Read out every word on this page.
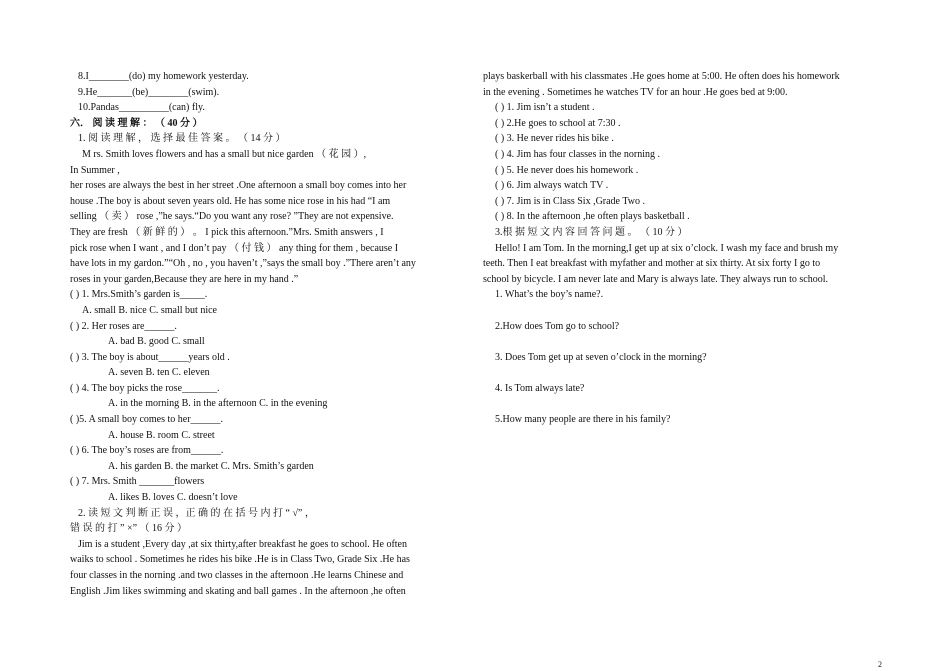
8.I________(do) my homework yesterday.
9.He_______(be)________(swim).
10.Pandas__________(can) fly.
六． 阅 读 理 解 ： （ 40 分 ）
1. 阅 读 理 解 ， 选 择 最 佳 答 案 。 （ 14 分 ）
M rs. Smith loves flowers and has a small but nice garden （ 花 园 ）,
In Summer ,
her roses are always the best in her street .One afternoon a small boy comes into her
house .The boy is about seven years old. He has some nice rose in his had “I am
selling （ 卖 ） rose ,”he says.“Do you want any rose? ”They are not expensive.
They are fresh （ 新 鲜 的 ） 。 I pick this afternoon.”Mrs. Smith answers , I
pick rose when I want , and I don’t pay （ 付 钱 ） any thing for them , because I
have lots in my gardon.”“Oh , no , you haven’t ,”says the small boy .”There aren’t any
roses in your garden,Because they are here in my hand .”
( ) 1. Mrs.Smith’s garden is_____.
A. small B. nice C. small but nice
( ) 2. Her roses are______.
A. bad B. good C. small
( ) 3. The boy is about______years old .
A. seven B. ten C. eleven
( ) 4. The boy picks the rose_______.
A. in the morning B. in the afternoon C. in the evening
( )5. A small boy comes to her______.
A. house B. room C. street
( ) 6. The boy’s roses are from______.
A. his garden B. the market C. Mrs. Smith’s garden
( ) 7. Mrs. Smith _______flowers
A. likes B. loves C. doesn’t love
2. 读 短 文 判 断 正 误 ，正 确 的 在 括 号 内 打 “ √” ，
错 误 的 打 ” ×” （ 16 分 ）
Jim is a student ,Every day ,at six thirty,after breakfast he goes to school. He often
waiks to school . Sometimes he rides his bike .He is in Class Two, Grade Six .He has
four classes in the norning .and two classes in the afternoon .He learns Chinese and
English .Jim likes swimming and skating and ball games . In the afternoon ,he often
plays baskerball with his classmates .He goes home at 5:00. He often does his homework
in the evening . Sometimes he watches TV for an hour .He goes bed at 9:00.
( ) 1. Jim isn’t a student .
( ) 2.He goes to school at 7:30 .
( ) 3. He never rides his bike .
( ) 4. Jim has four classes in the norning .
( ) 5. He never does his homework .
( ) 6. Jim always watch TV .
( ) 7. Jim is in Class Six ,Grade Two .
( ) 8. In the afternoon ,he often plays basketball .
3.根 据 短 文 内 容 回 答 问 题 。 （ 10 分 ）
Hello! I am Tom. In the morning,I get up at six o’clock. I wash my face and brush my
teeth. Then I eat breakfast with myfather and mother at six thirty. At six forty I go to
school by bicycle. I am never late and Mary is always late. They always run to school.
1. What’s the boy’s name?.
2.How does Tom go to school?
3. Does Tom get up at seven o’clock in the morning?
4. Is Tom always late?
5.How many people are there in his family?
2
